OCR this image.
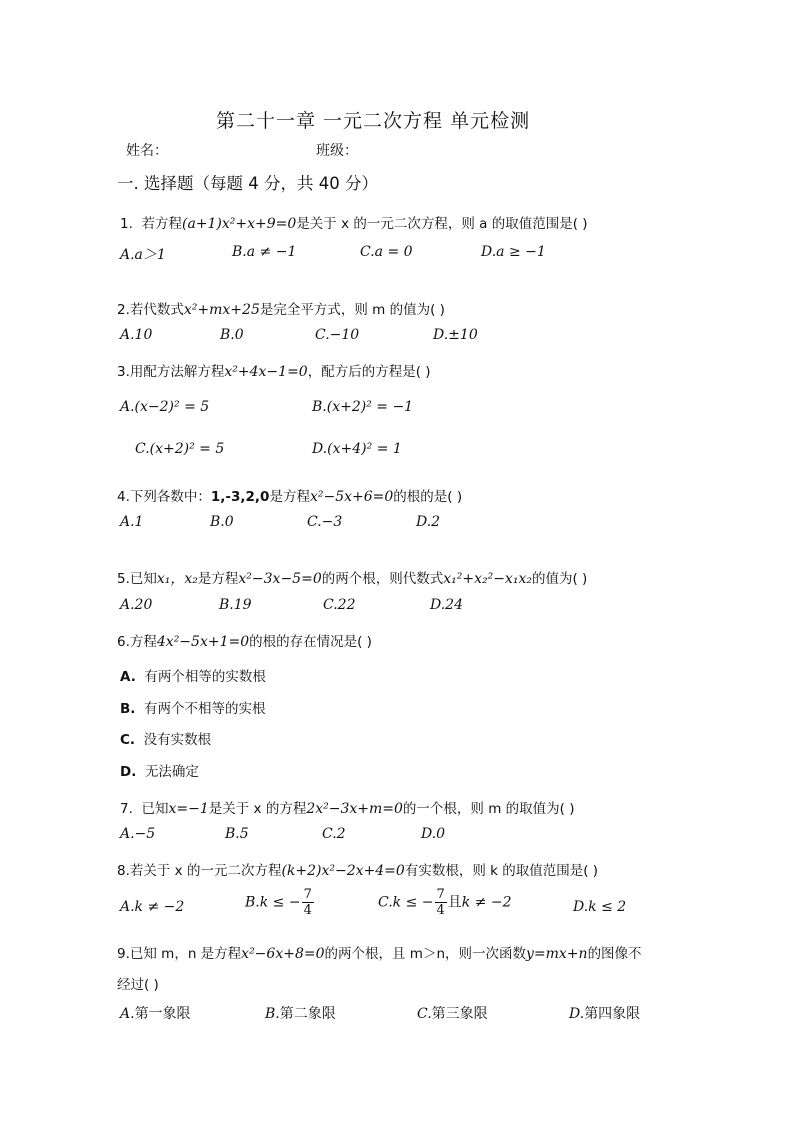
第二十一章 一元二次方程 单元检测
姓名：	班级：
一. 选择题（每题 4 分，共 40 分）
1. 若方程(a+1)x²+x+9=0是关于 x 的一元二次方程，则 a 的取值范围是( )
A.a＞1	B.a ≠ −1	C.a = 0	D.a ≥ −1
2.若代数式x²+mx+25是完全平方式，则 m 的值为( )
A.10	B.0	C.−10	D.±10
3.用配方法解方程x²+4x−1=0，配方后的方程是( )
A.(x−2)² = 5	B.(x+2)² = −1
C.(x+2)² = 5	D.(x+4)² = 1
4.下列各数中：1,-3,2,0是方程x²−5x+6=0的根的是( )
A.1	B.0	C.−3	D.2
5.已知x₁，x₂是方程x²−3x−5=0的两个根，则代数式x₁²+x₂²−x₁x₂的值为( )
A.20	B.19	C.22	D.24
6.方程4x²−5x+1=0的根的存在情况是( )
A. 有两个相等的实数根
B. 有两个不相等的实根
C. 没有实数根
D. 无法确定
7. 已知x=−1是关于 x 的方程2x²−3x+m=0的一个根，则 m 的取值为( )
A.−5	B.5	C.2	D.0
8.若关于 x 的一元二次方程(k+2)x²−2x+4=0有实数根，则 k 的取值范围是( )
A.k ≠ −2	B.k ≤ − $\frac{7}{4}$	C.k ≤ − $\frac{7}{4}$ 且k ≠ −2	D.k ≤ 2
9.已知 m，n 是方程x²−6x+8=0的两个根，且 m＞n，则一次函数y=mx+n的图像不
经过( )
A.第一象限	B.第二象限	C.第三象限	D.第四象限
